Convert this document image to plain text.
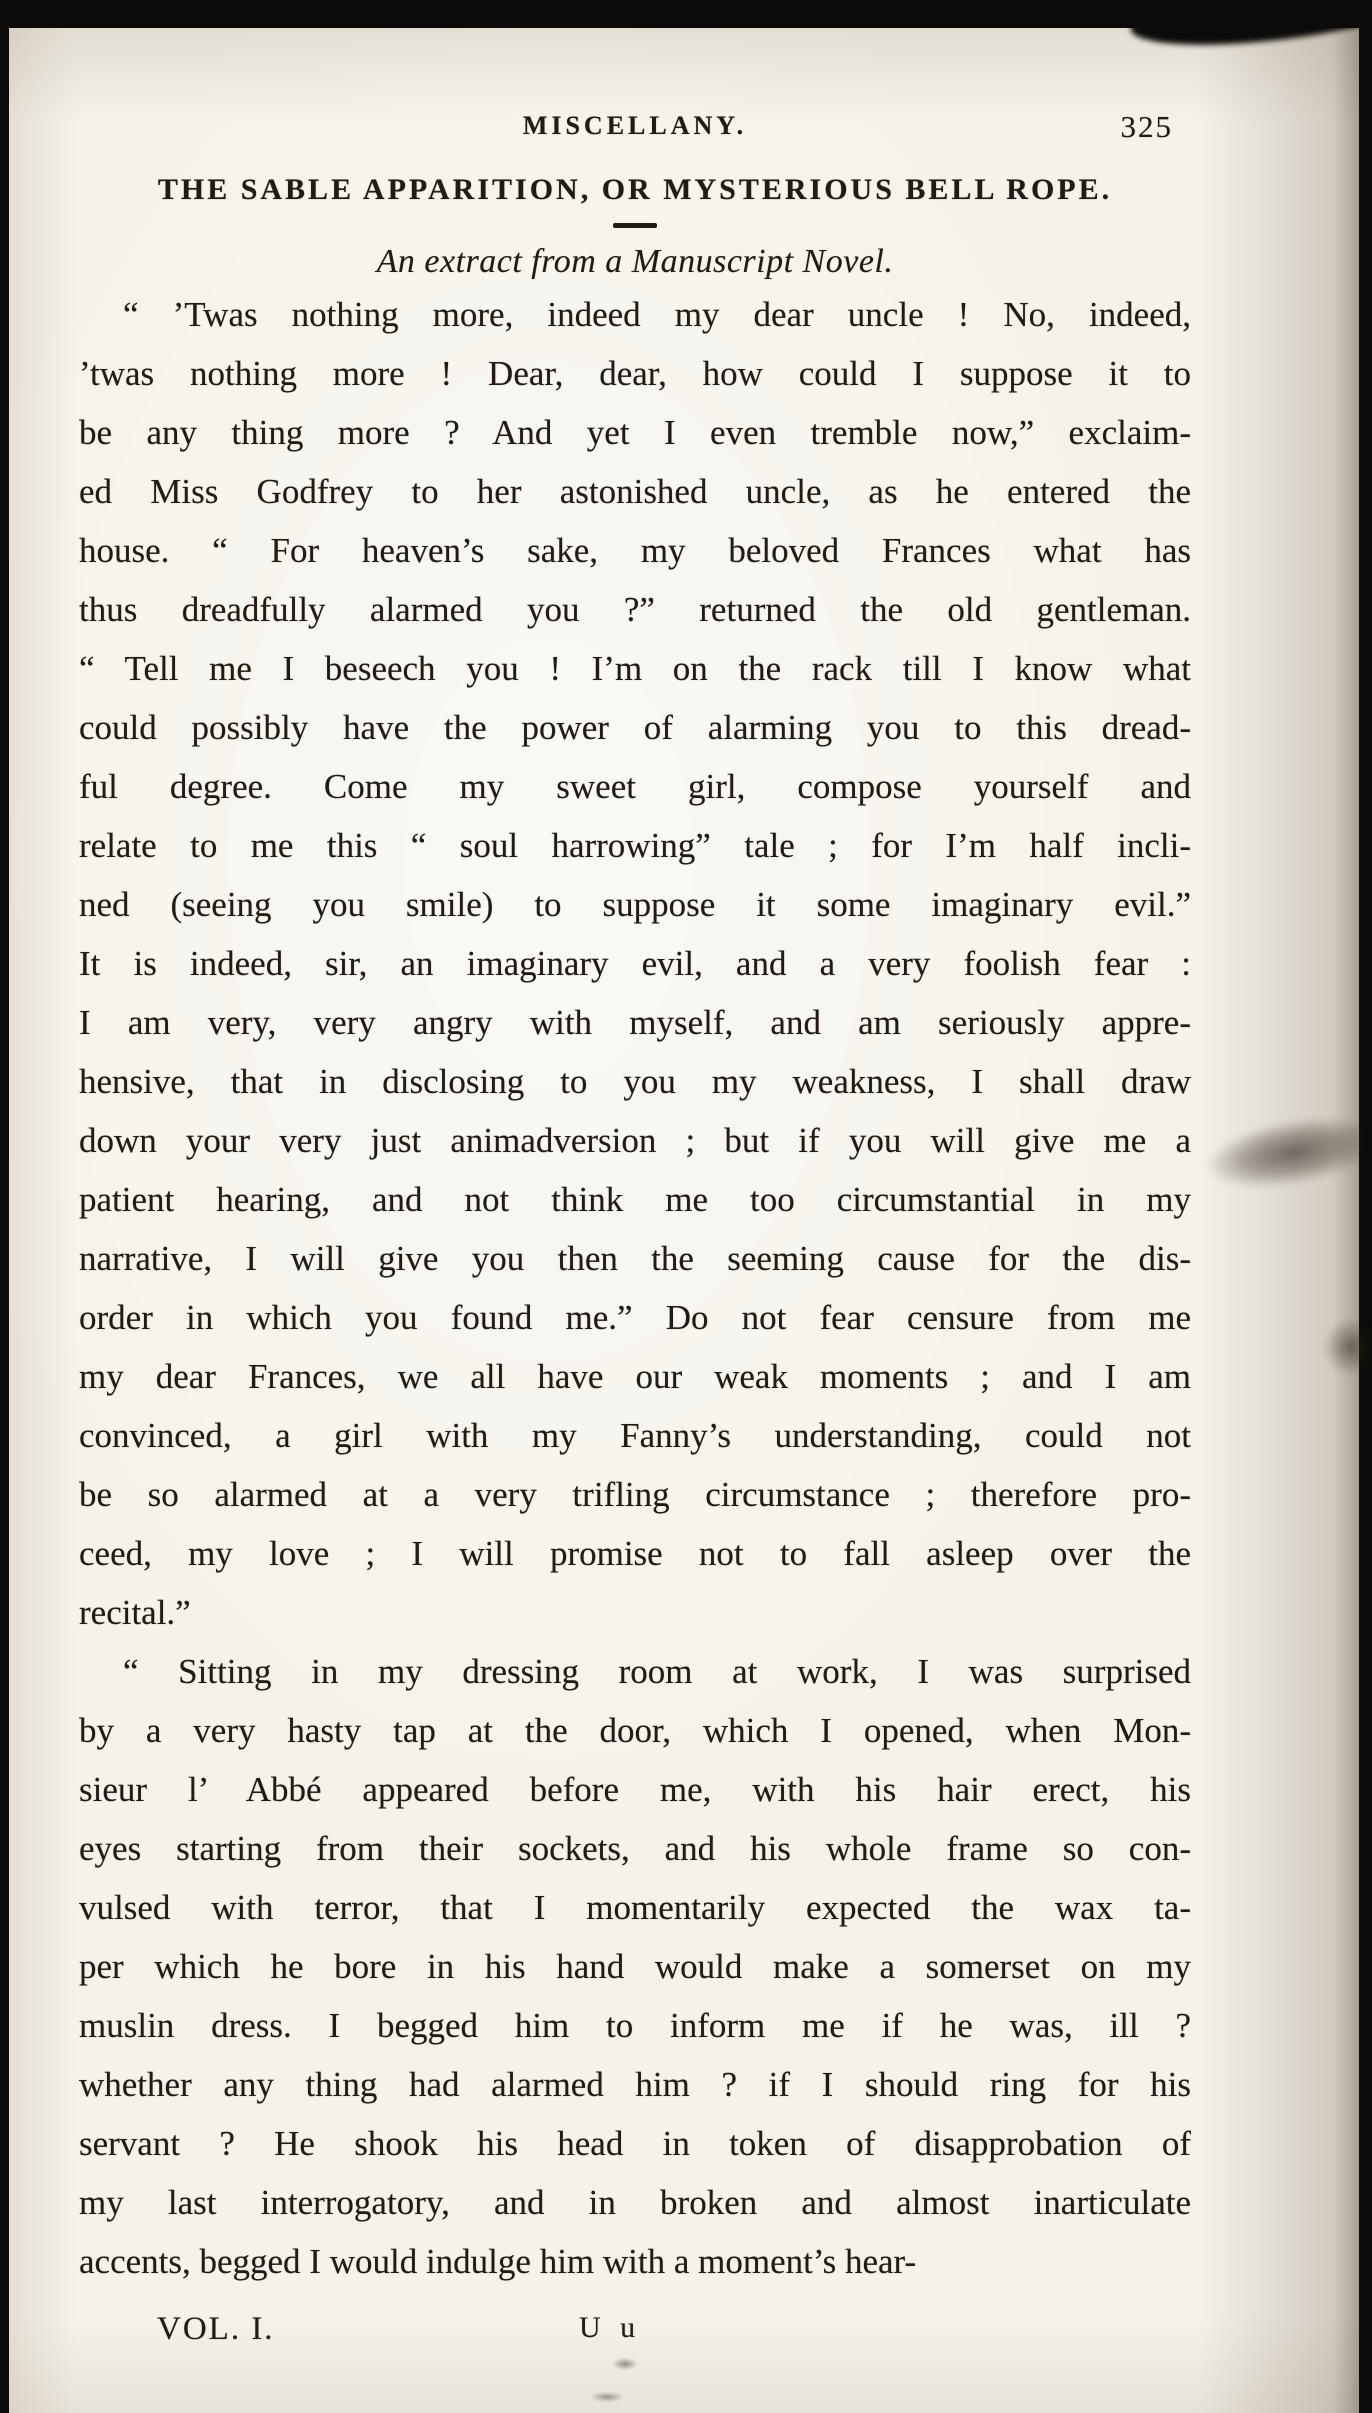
MISCELLANY.	325
THE SABLE APPARITION, OR MYSTERIOUS BELL ROPE.
An extract from a Manuscript Novel.
“ ’Twas nothing more, indeed my dear uncle ! No, indeed,
’twas nothing more ! Dear, dear, how could I suppose it to
be any thing more ? And yet I even tremble now,” exclaim-
ed Miss Godfrey to her astonished uncle, as he entered the
house. “ For heaven’s sake, my beloved Frances what has
thus dreadfully alarmed you ?” returned the old gentleman.
“ Tell me I beseech you ! I’m on the rack till I know what
could possibly have the power of alarming you to this dread-
ful degree. Come my sweet girl, compose yourself and
relate to me this “ soul harrowing” tale ; for I’m half incli-
ned (seeing you smile) to suppose it some imaginary evil.”
It is indeed, sir, an imaginary evil, and a very foolish fear :
I am very, very angry with myself, and am seriously appre-
hensive, that in disclosing to you my weakness, I shall draw
down your very just animadversion ; but if you will give me a
patient hearing, and not think me too circumstantial in my
narrative, I will give you then the seeming cause for the dis-
order in which you found me.” Do not fear censure from me
my dear Frances, we all have our weak moments ; and I am
convinced, a girl with my Fanny’s understanding, could not
be so alarmed at a very trifling circumstance ; therefore pro-
ceed, my love ; I will promise not to fall asleep over the
recital.”
“ Sitting in my dressing room at work, I was surprised
by a very hasty tap at the door, which I opened, when Mon-
sieur l’ Abbé appeared before me, with his hair erect, his
eyes starting from their sockets, and his whole frame so con-
vulsed with terror, that I momentarily expected the wax ta-
per which he bore in his hand would make a somerset on my
muslin dress. I begged him to inform me if he was, ill ?
whether any thing had alarmed him ? if I should ring for his
servant ? He shook his head in token of disapprobation of
my last interrogatory, and in broken and almost inarticulate
accents, begged I would indulge him with a moment’s hear-
VOL. I.	U u
